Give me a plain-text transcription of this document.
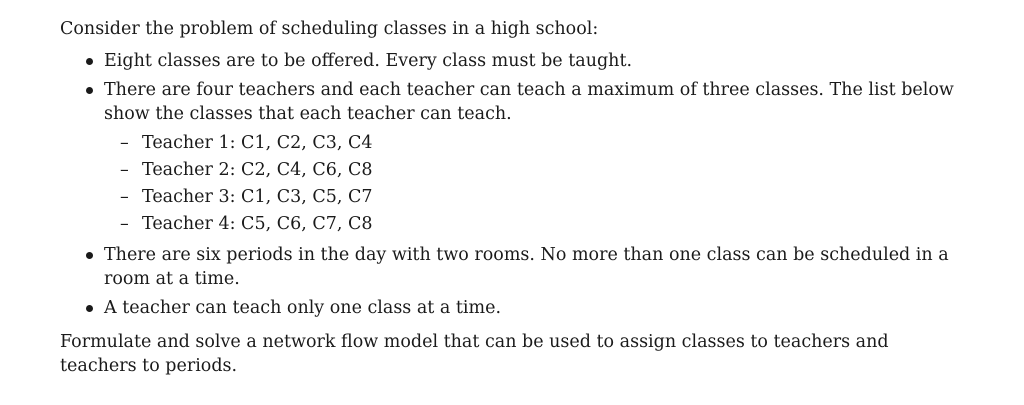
Consider the problem of scheduling classes in a high school:

Eight classes are to be offered. Every class must be taught.
There are four teachers and each teacher can teach a maximum of three classes. The list below show the classes that each teacher can teach.
– Teacher 1: C1, C2, C3, C4
– Teacher 2: C2, C4, C6, C8
– Teacher 3: C1, C3, C5, C7
– Teacher 4: C5, C6, C7, C8
There are six periods in the day with two rooms. No more than one class can be scheduled in a room at a time.
A teacher can teach only one class at a time.

Formulate and solve a network flow model that can be used to assign classes to teachers and teachers to periods.
